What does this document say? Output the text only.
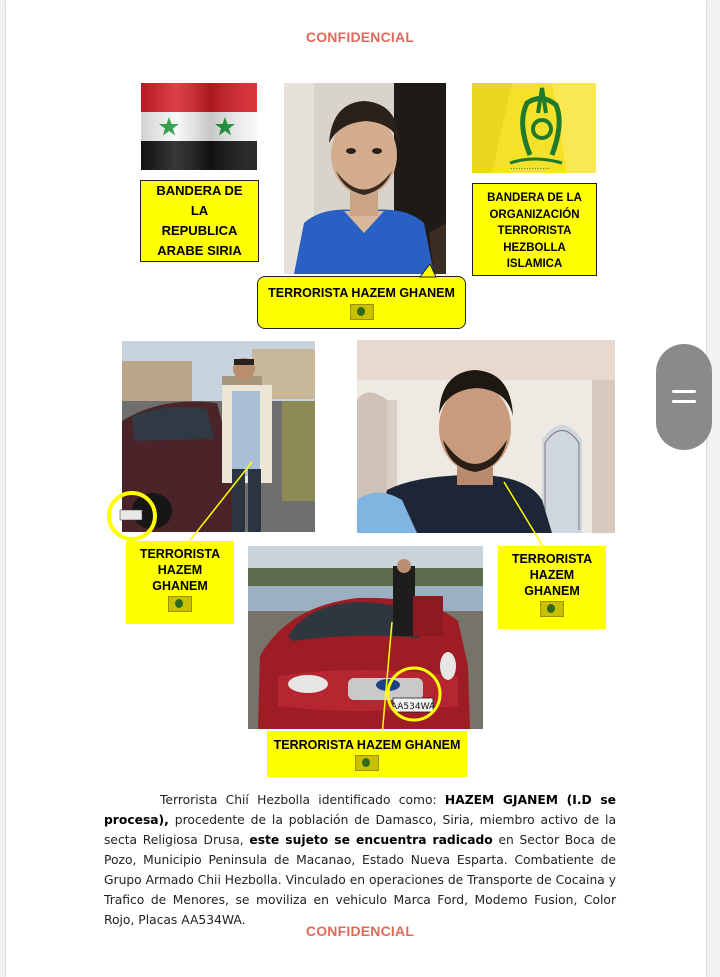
CONFIDENCIAL
BANDERA DE
LA
REPUBLICA
ARABE SIRIA
TERRORISTA HAZEM GHANEM
⋯⋯⋯⋯⋯
BANDERA DE LA
ORGANIZACIÓN
TERRORISTA
HEZBOLLA
ISLAMICA
TERRORISTA
HAZEM
GHANEM
TERRORISTA
HAZEM
GHANEM
AA534WA
TERRORISTA HAZEM GHANEM

Terrorista Chií Hezbolla identificado como: HAZEM GJANEM (I.D se procesa), procedente de la población de Damasco, Siria, miembro activo de la secta Religiosa Drusa, este sujeto se encuentra radicado en Sector Boca de Pozo, Municipio Peninsula de Macanao, Estado Nueva Esparta. Combatiente de Grupo Armado Chii Hezbolla. Vinculado en operaciones de Transporte de Cocaina y Trafico de Menores, se moviliza en vehiculo Marca Ford, Modemo Fusion, Color Rojo, Placas AA534WA.

CONFIDENCIAL
